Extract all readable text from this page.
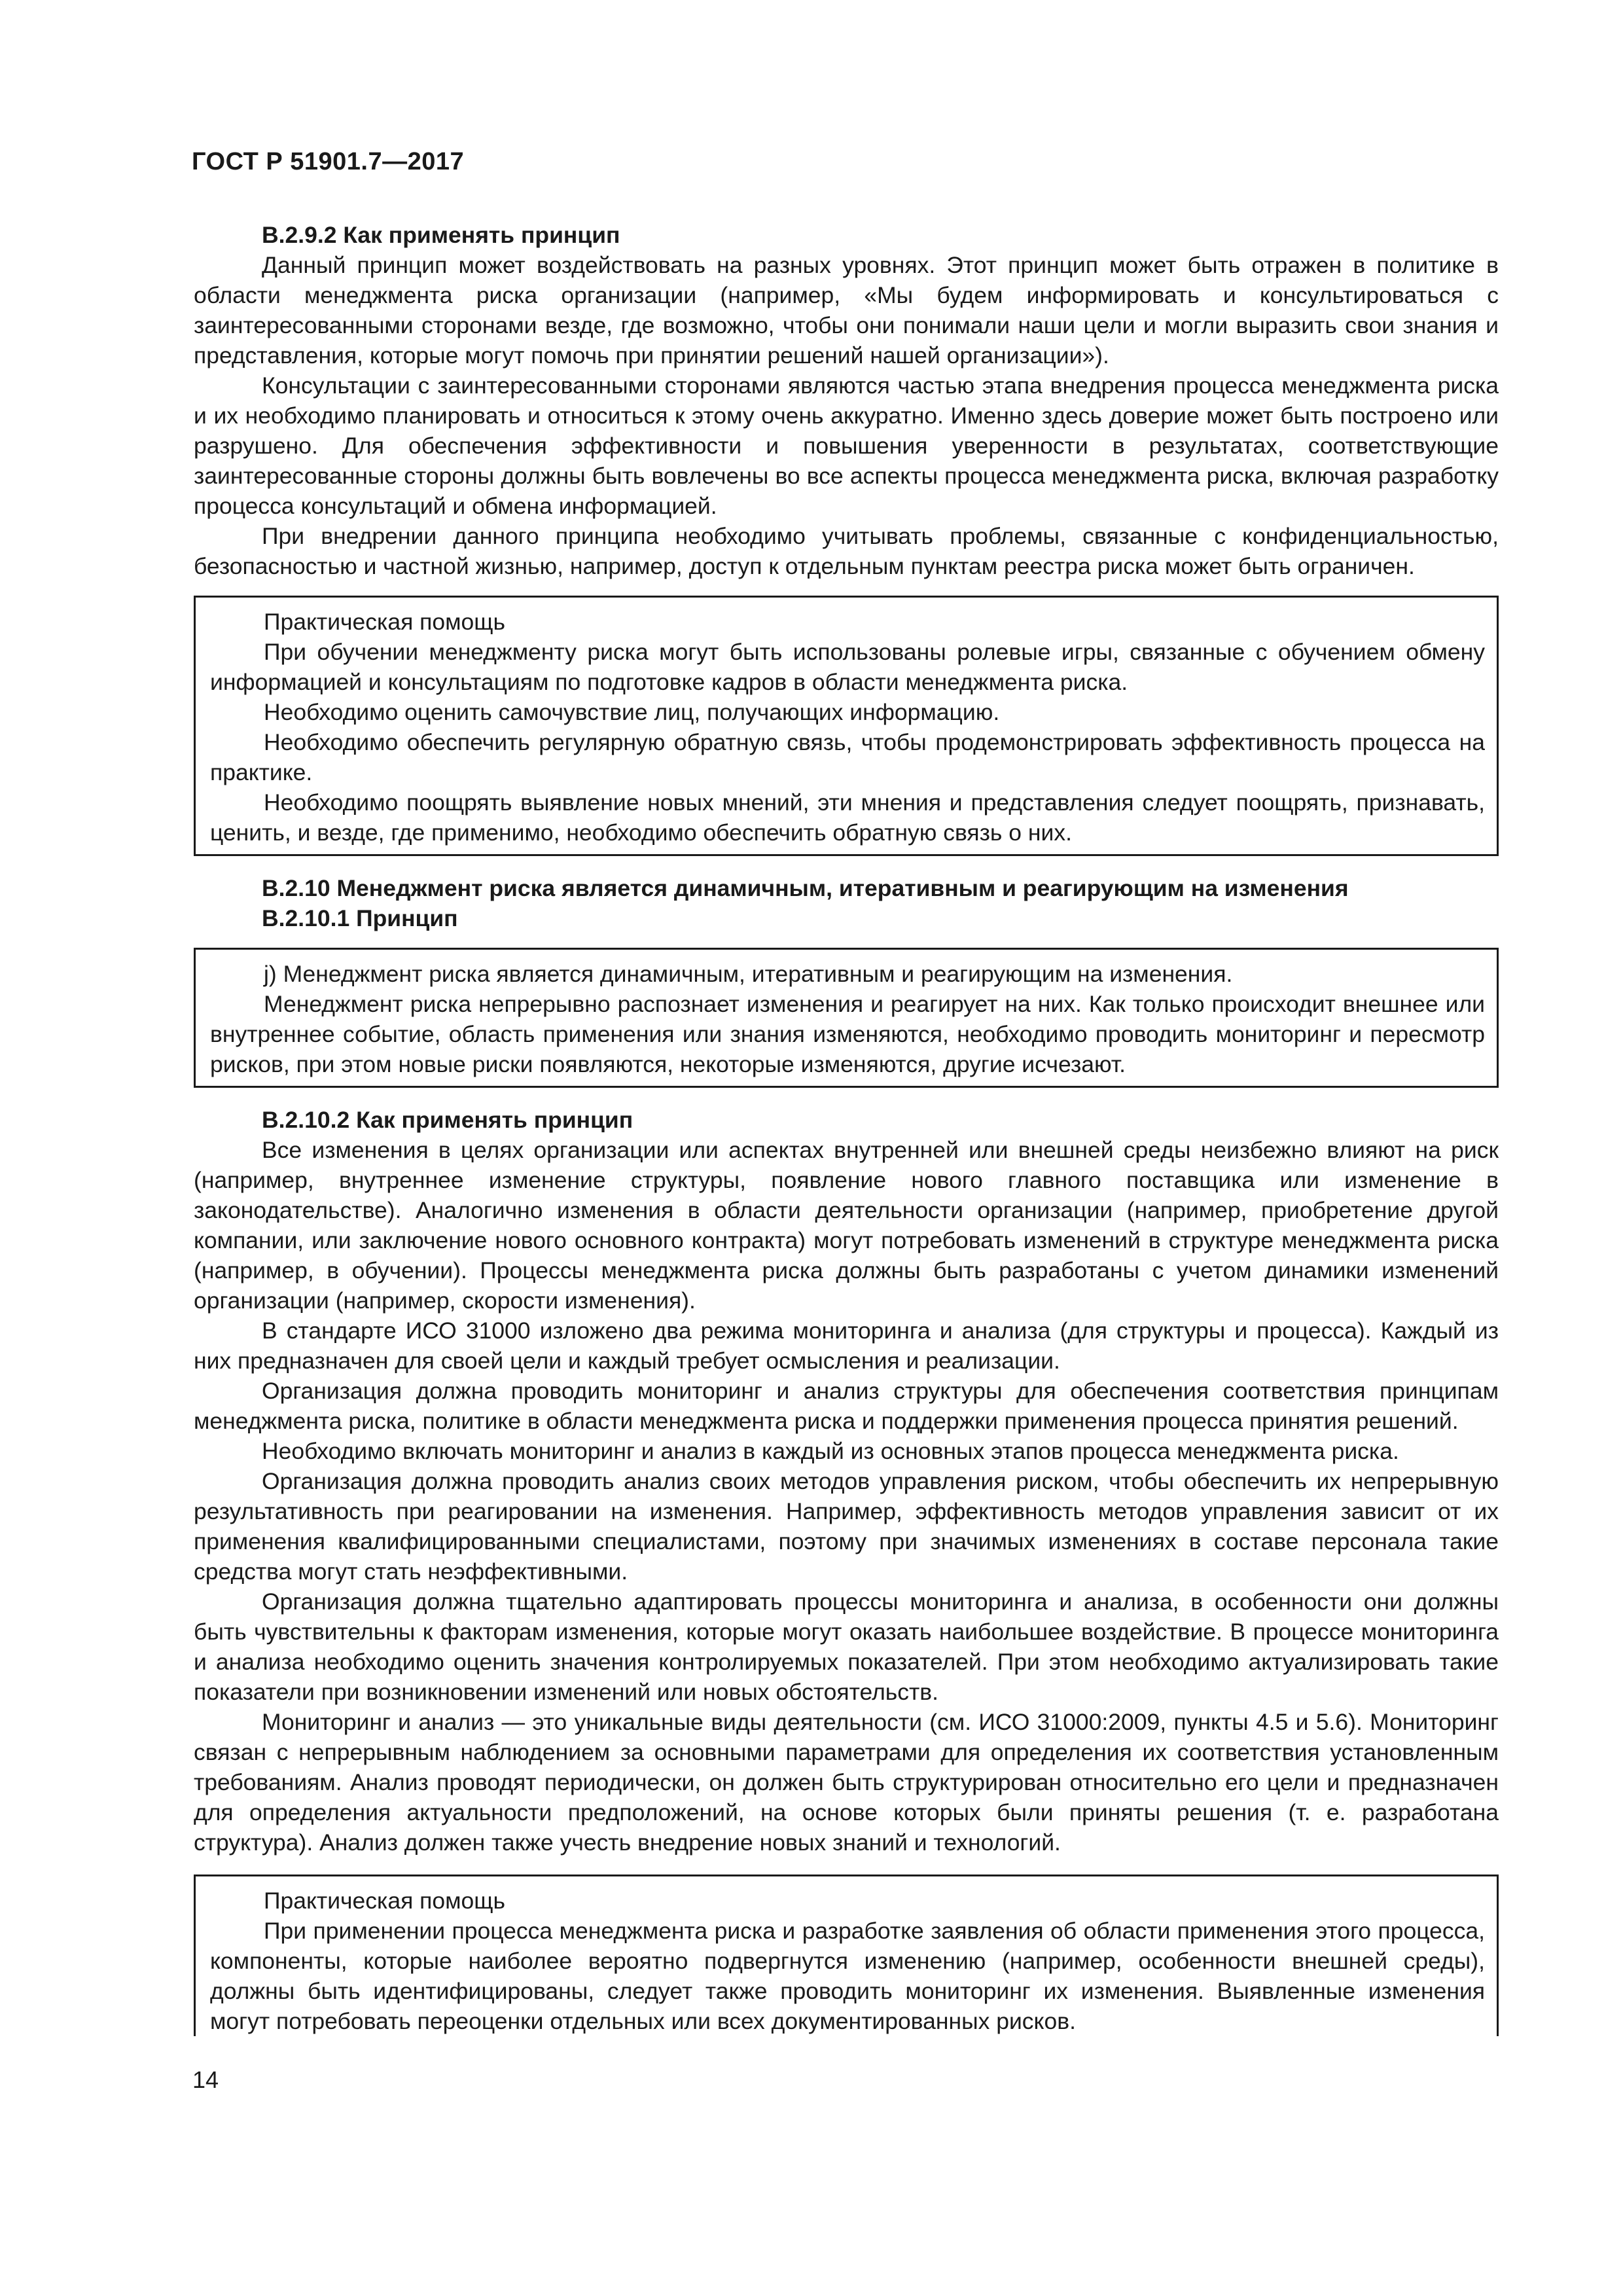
ГОСТ Р 51901.7—2017

В.2.9.2 Как применять принцип

Данный принцип может воздействовать на разных уровнях. Этот принцип может быть отражен в политике в области менеджмента риска организации (например, «Мы будем информировать и консультироваться с заинтересованными сторонами везде, где возможно, чтобы они понимали наши цели и могли выразить свои знания и представления, которые могут помочь при принятии решений нашей организации»).

Консультации с заинтересованными сторонами являются частью этапа внедрения процесса менеджмента риска и их необходимо планировать и относиться к этому очень аккуратно. Именно здесь доверие может быть построено или разрушено. Для обеспечения эффективности и повышения уверенности в результатах, соответствующие заинтересованные стороны должны быть вовлечены во все аспекты процесса менеджмента риска, включая разработку процесса консультаций и обмена информацией.

При внедрении данного принципа необходимо учитывать проблемы, связанные с конфиденциальностью, безопасностью и частной жизнью, например, доступ к отдельным пунктам реестра риска может быть ограничен.

Практическая помощь

При обучении менеджменту риска могут быть использованы ролевые игры, связанные с обучением обмену информацией и консультациям по подготовке кадров в области менеджмента риска.

Необходимо оценить самочувствие лиц, получающих информацию.

Необходимо обеспечить регулярную обратную связь, чтобы продемонстрировать эффективность процесса на практике.

Необходимо поощрять выявление новых мнений, эти мнения и представления следует поощрять, признавать, ценить, и везде, где применимо, необходимо обеспечить обратную связь о них.

В.2.10 Менеджмент риска является динамичным, итеративным и реагирующим на изменения

В.2.10.1 Принцип

j) Менеджмент риска является динамичным, итеративным и реагирующим на изменения.

Менеджмент риска непрерывно распознает изменения и реагирует на них. Как только происходит внешнее или внутреннее событие, область применения или знания изменяются, необходимо проводить мониторинг и пересмотр рисков, при этом новые риски появляются, некоторые изменяются, другие исчезают.

В.2.10.2 Как применять принцип

Все изменения в целях организации или аспектах внутренней или внешней среды неизбежно влияют на риск (например, внутреннее изменение структуры, появление нового главного поставщика или изменение в законодательстве). Аналогично изменения в области деятельности организации (например, приобретение другой компании, или заключение нового основного контракта) могут потребовать изменений в структуре менеджмента риска (например, в обучении). Процессы менеджмента риска должны быть разработаны с учетом динамики изменений организации (например, скорости изменения).

В стандарте ИСО 31000 изложено два режима мониторинга и анализа (для структуры и процесса). Каждый из них предназначен для своей цели и каждый требует осмысления и реализации.

Организация должна проводить мониторинг и анализ структуры для обеспечения соответствия принципам менеджмента риска, политике в области менеджмента риска и поддержки применения процесса принятия решений.

Необходимо включать мониторинг и анализ в каждый из основных этапов процесса менеджмента риска.

Организация должна проводить анализ своих методов управления риском, чтобы обеспечить их непрерывную результативность при реагировании на изменения. Например, эффективность методов управления зависит от их применения квалифицированными специалистами, поэтому при значимых изменениях в составе персонала такие средства могут стать неэффективными.

Организация должна тщательно адаптировать процессы мониторинга и анализа, в особенности они должны быть чувствительны к факторам изменения, которые могут оказать наибольшее воздействие. В процессе мониторинга и анализа необходимо оценить значения контролируемых показателей. При этом необходимо актуализировать такие показатели при возникновении изменений или новых обстоятельств.

Мониторинг и анализ — это уникальные виды деятельности (см. ИСО 31000:2009, пункты 4.5 и 5.6). Мониторинг связан с непрерывным наблюдением за основными параметрами для определения их соответствия установленным требованиям. Анализ проводят периодически, он должен быть структурирован относительно его цели и предназначен для определения актуальности предположений, на основе которых были приняты решения (т. е. разработана структура). Анализ должен также учесть внедрение новых знаний и технологий.

Практическая помощь

При применении процесса менеджмента риска и разработке заявления об области применения этого процесса, компоненты, которые наиболее вероятно подвергнутся изменению (например, особенности внешней среды), должны быть идентифицированы, следует также проводить мониторинг их изменения. Выявленные изменения могут потребовать переоценки отдельных или всех документированных рисков.

14
